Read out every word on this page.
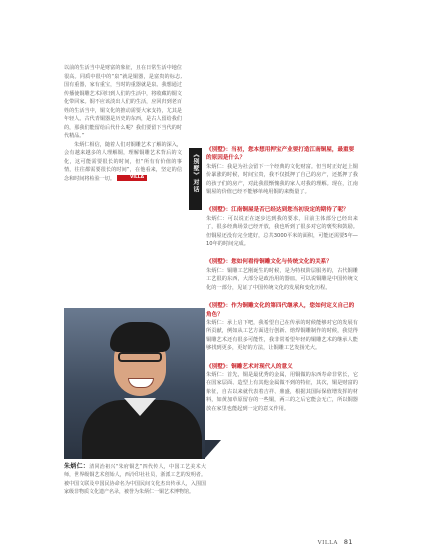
以前的生活当中是财富的象征，且在日常生活中地位很高。同质中很中的“泉”就是铜器，是富贵的标志,国有重器，家有重宝，当时的重器就是泉。我想通过传播使铜雕艺术回归到人们的生活中，将收藏的铜文化带回家。铜不应该淡出人们的生活，应回归到老百姓的生活当中，铜文化的推动需要大家支持，尤其是年轻人。古代青铜器是历史的东西，是古人留给我们的，那我们能留给后代什么呢？我们要留下当代的时代精品。”

朱炳仁相信，随着人们对铜雕艺术了解的深入，会有越来越多的人理解铜，理解铜雕艺术背后的文化，这可能需要很长的时间，但“所有有价值的事情，往往都需要很长的时间”，在他看来，坚定的信念和时间将检验一切。	VILLA	《别墅》对话

《别墅》：当初，您本想用押宝产业要打造江南铜屋，最重要的原因是什么？

朱炳仁：我是为社会留下一个经典的文化财富。但当时正好赶上铜价暴涨的时候，时间宝贵，我不仅抵押了自己的房产，还抵押了我的孩子们的房产，对此我很惭愧我的家人对我的理解。现在，江南铜屋的价值已经不能够单纯用铜的来衡量了。

《别墅》：江南铜屋是否已经达到您当初设定的期待了呢？

朱炳仁：可以说正在逐步达到我的要求，目前主体部分已经出来了，很多经典场景已经开放，我也听到了很多对它的褒奖和鼓励。但铜屋还没有完全建好，总共3000平米的面积，可能还需要5年—10年的时间完成。

《别墅》：您如何看待铜雕文化与传统文化的关系？

朱炳仁：铜雕工艺刚诞生的时候，是为特权阶层服务的，古代铜雕工艺很的东西，大部分是政治用的器皿，可以说铜雕是中国传统文化的一部分，见证了中国传统文化的发展和变化历程。

《别墅》：作为铜雕文化的第四代继承人，您如何定义自己的角色？

朱炳仁：承上启下吧，我希望自己在传承的时候能够对它的发展有所贡献，例如从工艺方面进行创新、熔焊铜雕制作的时候，我觉得铜雕艺术还有很多可能性，我非常希望年轻的铜雕艺术的继承人能够找到更多，更好的方法，让铜雕工艺发扬光大。

《别墅》：铜雕艺术对现代人的意义

朱炳仁：首先，铜是最优秀的金属，用铜做的东西寿命非常长，它在国家层面、造型上有其他金属做不到的特征，其次，铜是财富的象征，自古以来就代表着吉祥、鼎盛，根据其国际保值增发挥的材料，如黄加草原留存的一些铜，两三的之后它能会无亡，所以铜器放在家里也能起到一定的意义作用。

朱炳仁：清同治祖兴“朱府铜艺”四代传人，中国工艺美术大师，世界级铜艺术创始人，西泠印社社员，浙派工艺的发明者。被中国文联及中国民协命名为中国民间文化杰出传承人，入围国家级非物质文化遗产名录，被誉为朱炳仁一铜艺术博物馆。
VILLA 81
